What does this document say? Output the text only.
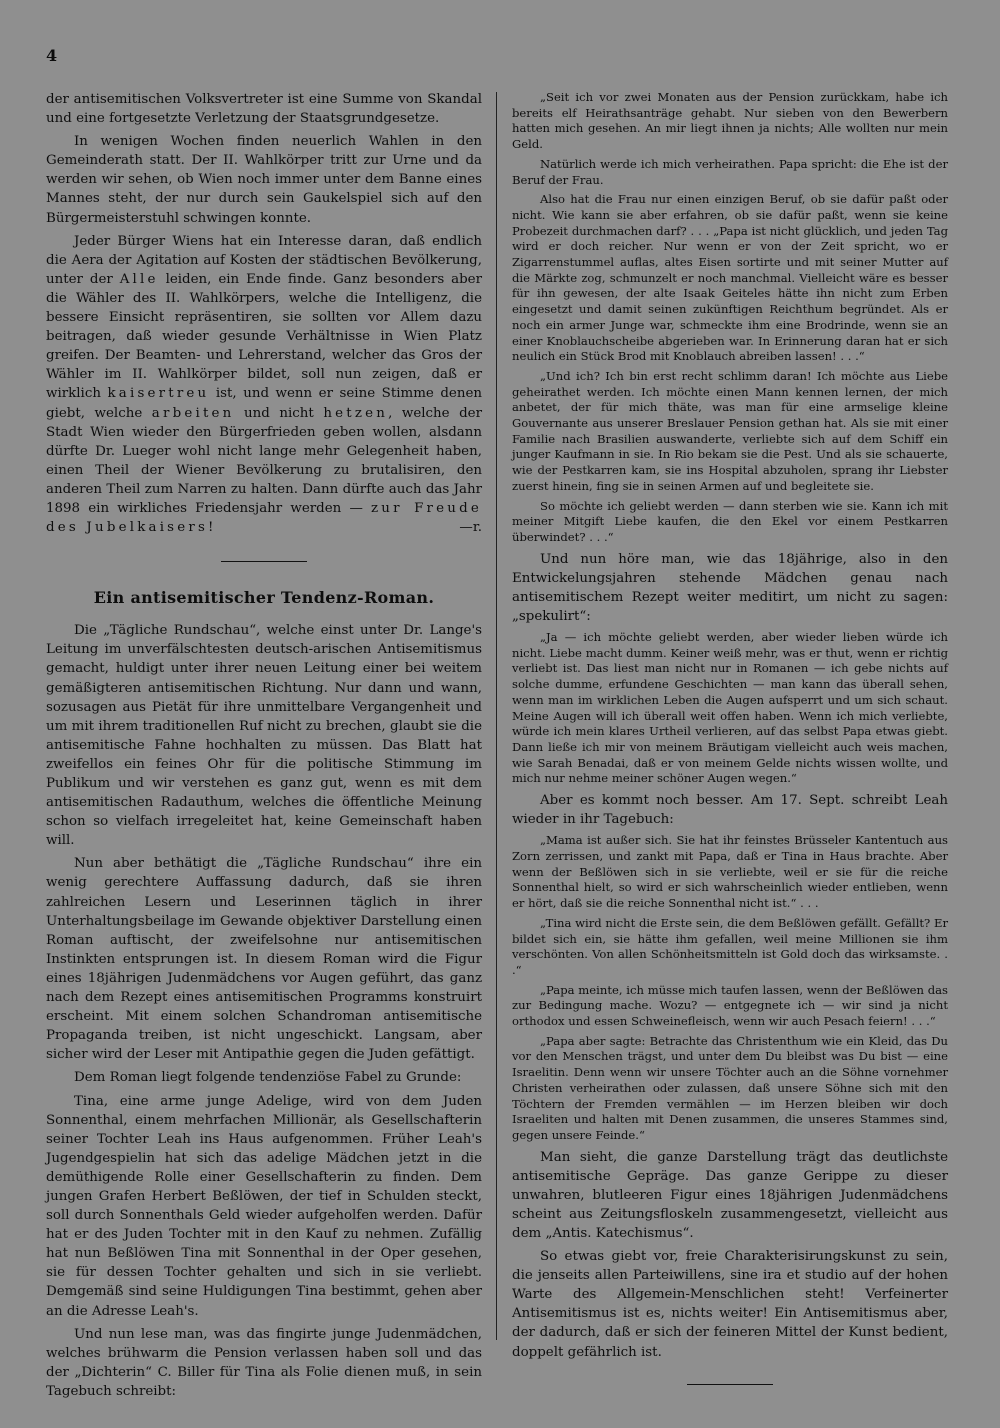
4

der antisemitischen Volksvertreter ist eine Summe von Skandal und eine fortgesetzte Verletzung der Staatsgrundgesetze.

In wenigen Wochen finden neuerlich Wahlen in den Gemeinderath statt. Der II. Wahlkörper tritt zur Urne und da werden wir sehen, ob Wien noch immer unter dem Banne eines Mannes steht, der nur durch sein Gaukelspiel sich auf den Bürgermeisterstuhl schwingen konnte.

Jeder Bürger Wiens hat ein Interesse daran, daß endlich die Aera der Agitation auf Kosten der städtischen Bevölkerung, unter der Alle leiden, ein Ende finde. Ganz besonders aber die Wähler des II. Wahlkörpers, welche die Intelligenz, die bessere Einsicht repräsentiren, sie sollten vor Allem dazu beitragen, daß wieder gesunde Verhältnisse in Wien Platz greifen. Der Beamten- und Lehrerstand, welcher das Gros der Wähler im II. Wahlkörper bildet, soll nun zeigen, daß er wirklich kaisertreu ist, und wenn er seine Stimme denen giebt, welche arbeiten und nicht hetzen, welche der Stadt Wien wieder den Bürgerfrieden geben wollen, alsdann dürfte Dr. Lueger wohl nicht lange mehr Gelegenheit haben, einen Theil der Wiener Bevölkerung zu brutalisiren, den anderen Theil zum Narren zu halten. Dann dürfte auch das Jahr 1898 ein wirkliches Friedensjahr werden — zur Freude des Jubelkaisers!	—r.

Ein antisemitischer Tendenz-Roman.

Die „Tägliche Rundschau“, welche einst unter Dr. Lange's Leitung im unverfälschtesten deutsch-arischen Antisemitismus gemacht, huldigt unter ihrer neuen Leitung einer bei weitem gemäßigteren antisemitischen Richtung. Nur dann und wann, sozusagen aus Pietät für ihre unmittelbare Vergangenheit und um mit ihrem traditionellen Ruf nicht zu brechen, glaubt sie die antisemitische Fahne hochhalten zu müssen. Das Blatt hat zweifellos ein feines Ohr für die politische Stimmung im Publikum und wir verstehen es ganz gut, wenn es mit dem antisemitischen Radauthum, welches die öffentliche Meinung schon so vielfach irregeleitet hat, keine Gemeinschaft haben will.

Nun aber bethätigt die „Tägliche Rundschau“ ihre ein wenig gerechtere Auffassung dadurch, daß sie ihren zahlreichen Lesern und Leserinnen täglich in ihrer Unterhaltungsbeilage im Gewande objektiver Darstellung einen Roman auftischt, der zweifelsohne nur antisemitischen Instinkten entsprungen ist. In diesem Roman wird die Figur eines 18jährigen Judenmädchens vor Augen geführt, das ganz nach dem Rezept eines antisemitischen Programms konstruirt erscheint. Mit einem solchen Schandroman antisemitische Propaganda treiben, ist nicht ungeschickt. Langsam, aber sicher wird der Leser mit Antipathie gegen die Juden gefättigt.

Dem Roman liegt folgende tendenziöse Fabel zu Grunde:

Tina, eine arme junge Adelige, wird von dem Juden Sonnenthal, einem mehrfachen Millionär, als Gesellschafterin seiner Tochter Leah ins Haus aufgenommen. Früher Leah's Jugendgespielin hat sich das adelige Mädchen jetzt in die demüthigende Rolle einer Gesellschafterin zu finden. Dem jungen Grafen Herbert Beßlöwen, der tief in Schulden steckt, soll durch Sonnenthals Geld wieder aufgeholfen werden. Dafür hat er des Juden Tochter mit in den Kauf zu nehmen. Zufällig hat nun Beßlöwen Tina mit Sonnenthal in der Oper gesehen, sie für dessen Tochter gehalten und sich in sie verliebt. Demgemäß sind seine Huldigungen Tina bestimmt, gehen aber an die Adresse Leah's.

Und nun lese man, was das fingirte junge Judenmädchen, welches brühwarm die Pension verlassen haben soll und das der „Dichterin“ C. Biller für Tina als Folie dienen muß, in sein Tagebuch schreibt:

„Seit ich vor zwei Monaten aus der Pension zurückkam, habe ich bereits elf Heirathsanträge gehabt. Nur sieben von den Bewerbern hatten mich gesehen. An mir liegt ihnen ja nichts; Alle wollten nur mein Geld.

Natürlich werde ich mich verheirathen. Papa spricht: die Ehe ist der Beruf der Frau.

Also hat die Frau nur einen einzigen Beruf, ob sie dafür paßt oder nicht. Wie kann sie aber erfahren, ob sie dafür paßt, wenn sie keine Probezeit durchmachen darf? . . . „Papa ist nicht glücklich, und jeden Tag wird er doch reicher. Nur wenn er von der Zeit spricht, wo er Zigarrenstummel auflas, altes Eisen sortirte und mit seiner Mutter auf die Märkte zog, schmunzelt er noch manchmal. Vielleicht wäre es besser für ihn gewesen, der alte Isaak Geiteles hätte ihn nicht zum Erben eingesetzt und damit seinen zukünftigen Reichthum begründet. Als er noch ein armer Junge war, schmeckte ihm eine Brodrinde, wenn sie an einer Knoblauchscheibe abgerieben war. In Erinnerung daran hat er sich neulich ein Stück Brod mit Knoblauch abreiben lassen! . . .“

„Und ich? Ich bin erst recht schlimm daran! Ich möchte aus Liebe geheirathet werden. Ich möchte einen Mann kennen lernen, der mich anbetet, der für mich thäte, was man für eine armselige kleine Gouvernante aus unserer Breslauer Pension gethan hat. Als sie mit einer Familie nach Brasilien auswanderte, verliebte sich auf dem Schiff ein junger Kaufmann in sie. In Rio bekam sie die Pest. Und als sie schauerte, wie der Pestkarren kam, sie ins Hospital abzuholen, sprang ihr Liebster zuerst hinein, fing sie in seinen Armen auf und begleitete sie.

So möchte ich geliebt werden — dann sterben wie sie. Kann ich mit meiner Mitgift Liebe kaufen, die den Ekel vor einem Pestkarren überwindet? . . .“

Und nun höre man, wie das 18jährige, also in den Entwickelungsjahren stehende Mädchen genau nach antisemitischem Rezept weiter meditirt, um nicht zu sagen: „spekulirt“:

„Ja — ich möchte geliebt werden, aber wieder lieben würde ich nicht. Liebe macht dumm. Keiner weiß mehr, was er thut, wenn er richtig verliebt ist. Das liest man nicht nur in Romanen — ich gebe nichts auf solche dumme, erfundene Geschichten — man kann das überall sehen, wenn man im wirklichen Leben die Augen aufsperrt und um sich schaut. Meine Augen will ich überall weit offen haben. Wenn ich mich verliebte, würde ich mein klares Urtheil verlieren, auf das selbst Papa etwas giebt. Dann ließe ich mir von meinem Bräutigam vielleicht auch weis machen, wie Sarah Benadai, daß er von meinem Gelde nichts wissen wollte, und mich nur nehme meiner schöner Augen wegen.“

Aber es kommt noch besser. Am 17. Sept. schreibt Leah wieder in ihr Tagebuch:

„Mama ist außer sich. Sie hat ihr feinstes Brüsseler Kantentuch aus Zorn zerrissen, und zankt mit Papa, daß er Tina in Haus brachte. Aber wenn der Beßlöwen sich in sie verliebte, weil er sie für die reiche Sonnenthal hielt, so wird er sich wahrscheinlich wieder entlieben, wenn er hört, daß sie die reiche Sonnenthal nicht ist.“ . . .

„Tina wird nicht die Erste sein, die dem Beßlöwen gefällt. Gefällt? Er bildet sich ein, sie hätte ihm gefallen, weil meine Millionen sie ihm verschönten. Von allen Schönheitsmitteln ist Gold doch das wirksamste. . .“

„Papa meinte, ich müsse mich taufen lassen, wenn der Beßlöwen das zur Bedingung mache. Wozu? — entgegnete ich — wir sind ja nicht orthodox und essen Schweinefleisch, wenn wir auch Pesach feiern! . . .“

„Papa aber sagte: Betrachte das Christenthum wie ein Kleid, das Du vor den Menschen trägst, und unter dem Du bleibst was Du bist — eine Israelitin. Denn wenn wir unsere Töchter auch an die Söhne vornehmer Christen verheirathen oder zulassen, daß unsere Söhne sich mit den Töchtern der Fremden vermählen — im Herzen bleiben wir doch Israeliten und halten mit Denen zusammen, die unseres Stammes sind, gegen unsere Feinde.“

Man sieht, die ganze Darstellung trägt das deutlichste antisemitische Gepräge. Das ganze Gerippe zu dieser unwahren, blutleeren Figur eines 18jährigen Judenmädchens scheint aus Zeitungsfloskeln zusammengesetzt, vielleicht aus dem „Antis. Katechismus“.

So etwas giebt vor, freie Charakterisirungskunst zu sein, die jenseits allen Parteiwillens, sine ira et studio auf der hohen Warte des Allgemein-Menschlichen steht! Verfeinerter Antisemitismus ist es, nichts weiter! Ein Antisemitismus aber, der dadurch, daß er sich der feineren Mittel der Kunst bedient, doppelt gefährlich ist.
